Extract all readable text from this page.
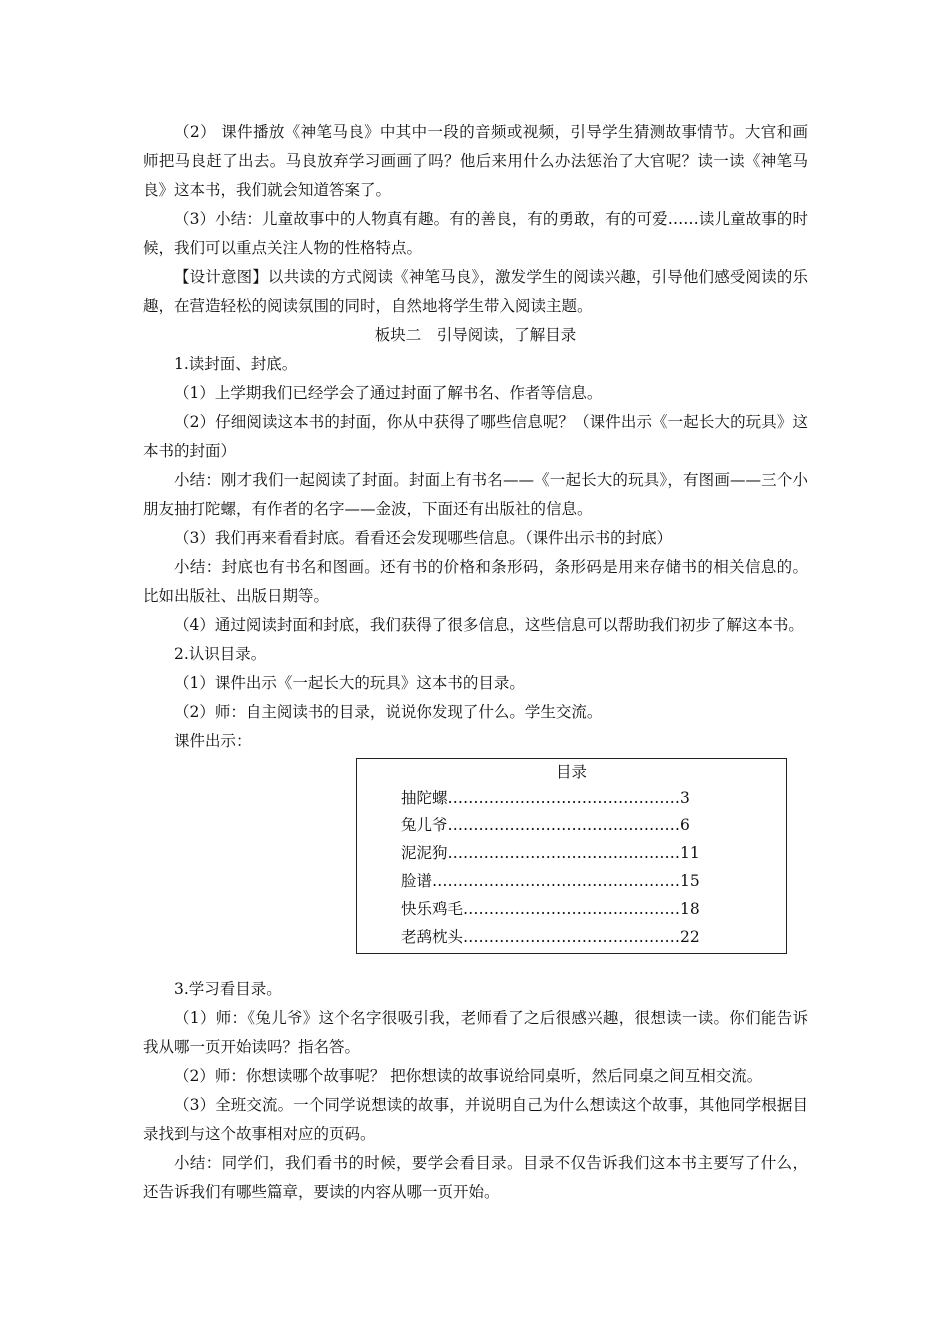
（2） 课件播放《神笔马良》中其中一段的音频或视频，引导学生猜测故事情节。大官和画师把马良赶了出去。马良放弃学习画画了吗？他后来用什么办法惩治了大官呢？读一读《神笔马良》这本书，我们就会知道答案了。

（3）小结：儿童故事中的人物真有趣。有的善良，有的勇敢，有的可爱……读儿童故事的时候，我们可以重点关注人物的性格特点。

【设计意图】以共读的方式阅读《神笔马良》，激发学生的阅读兴趣，引导他们感受阅读的乐趣，在营造轻松的阅读氛围的同时，自然地将学生带入阅读主题。

板块二　引导阅读，了解目录

1.读封面、封底。

（1）上学期我们已经学会了通过封面了解书名、作者等信息。

（2）仔细阅读这本书的封面，你从中获得了哪些信息呢？（课件出示《一起长大的玩具》这本书的封面）

小结：刚才我们一起阅读了封面。封面上有书名——《一起长大的玩具》，有图画——三个小朋友抽打陀螺，有作者的名字——金波，下面还有出版社的信息。

（3）我们再来看看封底。看看还会发现哪些信息。（课件出示书的封底）

小结：封底也有书名和图画。还有书的价格和条形码，条形码是用来存储书的相关信息的。比如出版社、出版日期等。

（4）通过阅读封面和封底，我们获得了很多信息，这些信息可以帮助我们初步了解这本书。

2.认识目录。

（1）课件出示《一起长大的玩具》这本书的目录。

（2）师：自主阅读书的目录，说说你发现了什么。学生交流。

课件出示：

目录
抽陀螺………………………………………3
兔儿爷………………………………………6
泥泥狗………………………………………11
脸谱…………………………………………15
快乐鸡毛……………………………………18
老鸹枕头……………………………………22

3.学习看目录。

（1）师：《兔儿爷》这个名字很吸引我，老师看了之后很感兴趣，很想读一读。你们能告诉我从哪一页开始读吗？指名答。

（2）师：你想读哪个故事呢？ 把你想读的故事说给同桌听，然后同桌之间互相交流。

（3）全班交流。一个同学说想读的故事，并说明自己为什么想读这个故事，其他同学根据目录找到与这个故事相对应的页码。

小结：同学们，我们看书的时候，要学会看目录。目录不仅告诉我们这本书主要写了什么，还告诉我们有哪些篇章，要读的内容从哪一页开始。
